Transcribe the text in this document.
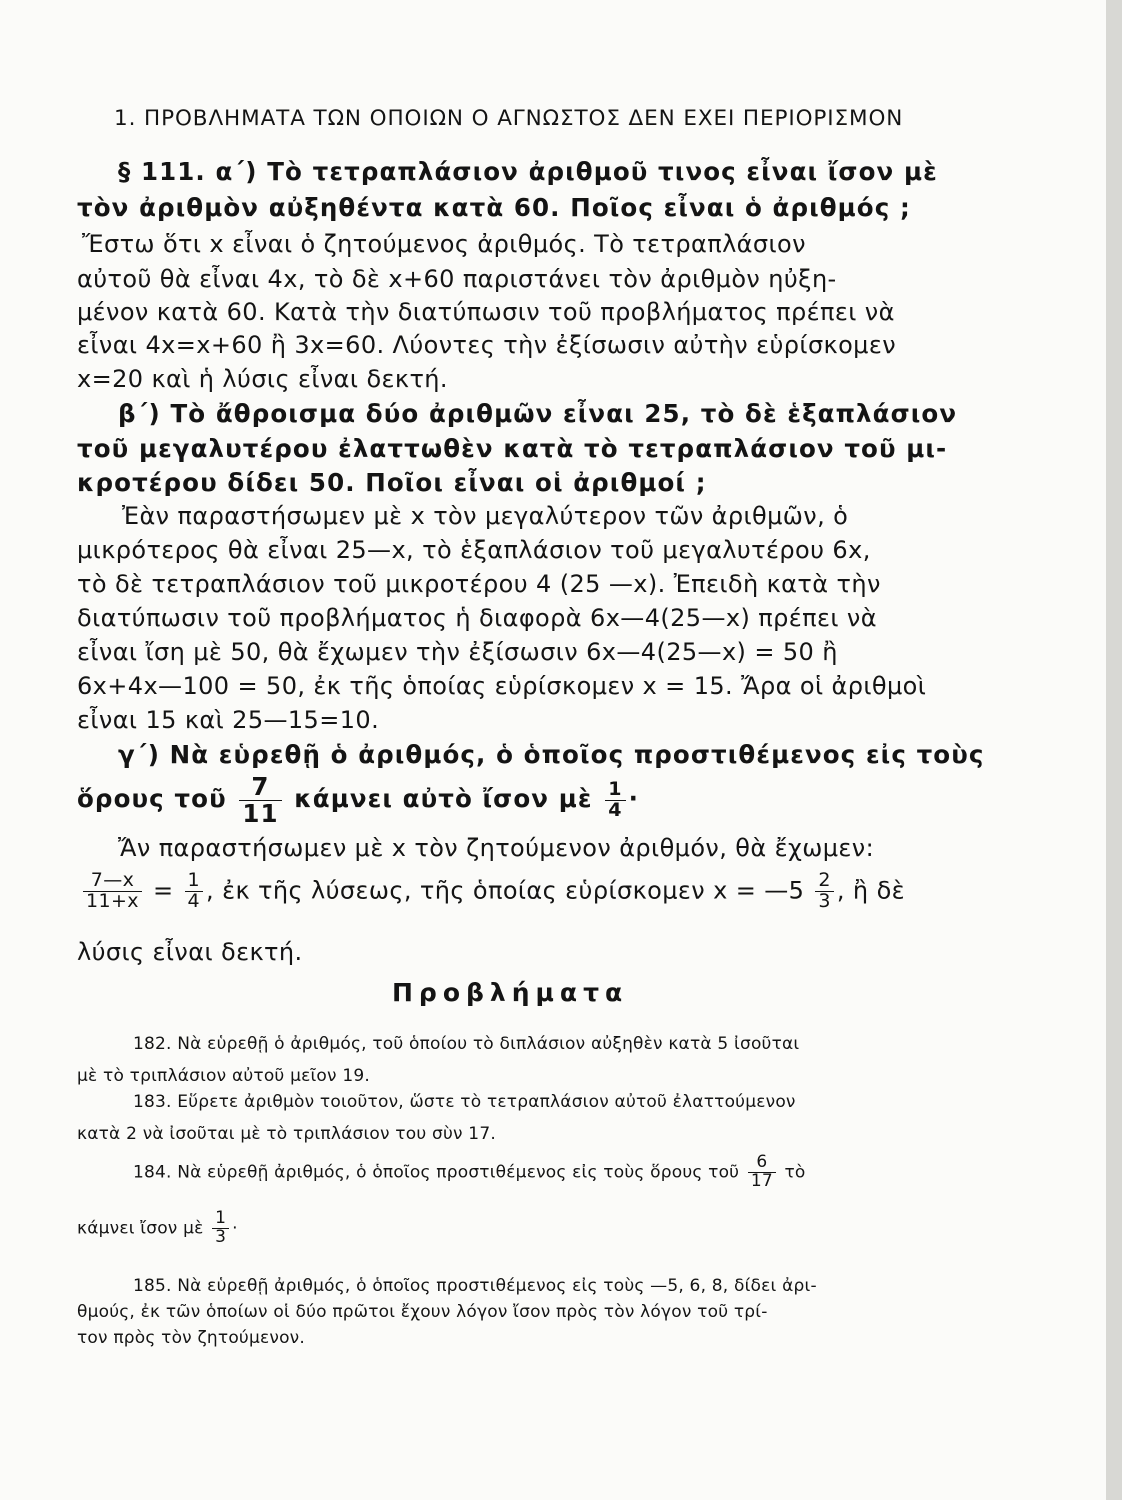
1. ΠΡΟΒΛΗΜΑΤΑ ΤΩΝ ΟΠΟΙΩΝ Ο ΑΓΝΩΣΤΟΣ ΔΕΝ ΕΧΕΙ ΠΕΡΙΟΡΙΣΜΟΝ
§ 111. α΄) Τὸ τετραπλάσιον ἀριθμοῦ τινος εἶναι ἴσον μὲ
τὸν ἀριθμὸν αὐξηθέντα κατὰ 60. Ποῖος εἶναι ὁ ἀριθμός ;
Ἔστω ὅτι x εἶναι ὁ ζητούμενος ἀριθμός. Τὸ τετραπλάσιον
αὐτοῦ θὰ εἶναι 4x, τὸ δὲ x+60 παριστάνει τὸν ἀριθμὸν ηὐξη-
μένον κατὰ 60. Κατὰ τὴν διατύπωσιν τοῦ προβλήματος πρέπει νὰ
εἶναι 4x=x+60 ἢ 3x=60. Λύοντες τὴν ἐξίσωσιν αὐτὴν εὑρίσκομεν
x=20 καὶ ἡ λύσις εἶναι δεκτή.
β΄) Τὸ ἄθροισμα δύο ἀριθμῶν εἶναι 25, τὸ δὲ ἑξαπλάσιον
τοῦ μεγαλυτέρου ἐλαττωθὲν κατὰ τὸ τετραπλάσιον τοῦ μι-
κροτέρου δίδει 50. Ποῖοι εἶναι οἱ ἀριθμοί ;
Ἐὰν παραστήσωμεν μὲ x τὸν μεγαλύτερον τῶν ἀριθμῶν, ὁ
μικρότερος θὰ εἶναι 25—x, τὸ ἑξαπλάσιον τοῦ μεγαλυτέρου 6x,
τὸ δὲ τετραπλάσιον τοῦ μικροτέρου 4 (25 —x). Ἐπειδὴ κατὰ τὴν
διατύπωσιν τοῦ προβλήματος ἡ διαφορὰ 6x—4(25—x) πρέπει νὰ
εἶναι ἴση μὲ 50, θὰ ἔχωμεν τὴν ἐξίσωσιν 6x—4(25—x) = 50 ἢ
6x+4x—100 = 50, ἐκ τῆς ὁποίας εὑρίσκομεν x = 15. Ἄρα οἱ ἀριθμοὶ
εἶναι 15 καὶ 25—15=10.
γ΄) Νὰ εὑρεθῇ ὁ ἀριθμός, ὁ ὁποῖος προστιθέμενος εἰς τοὺς
ὅρους τοῦ $\frac{7}{11}$ κάμνει αὐτὸ ἴσον μὲ $\frac{1}{4}$ ·
Ἄν παραστήσωμεν μὲ x τὸν ζητούμενον ἀριθμόν, θὰ ἔχωμεν:
$\frac{7—x}{11+x} = \frac{1}{4}$ , ἐκ τῆς λύσεως, τῆς ὁποίας εὑρίσκομεν x = —5 $\frac{2}{3}$ , ἢ δὲ
λύσις εἶναι δεκτή.
Προβλήματα
182. Νὰ εὑρεθῇ ὁ ἀριθμός, τοῦ ὁποίου τὸ διπλάσιον αὐξηθὲν κατὰ 5 ἰσοῦται
μὲ τὸ τριπλάσιον αὐτοῦ μεῖον 19.
183. Εὕρετε ἀριθμὸν τοιοῦτον, ὥστε τὸ τετραπλάσιον αὐτοῦ ἐλαττούμενον
κατὰ 2 νὰ ἰσοῦται μὲ τὸ τριπλάσιον του σὺν 17.
184. Νὰ εὑρεθῇ ἀριθμός, ὁ ὁποῖος προστιθέμενος εἰς τοὺς ὅρους τοῦ $\frac{6}{17}$ τὸ
κάμνει ἴσον μὲ $\frac{1}{3}$ ·
185. Νὰ εὑρεθῇ ἀριθμός, ὁ ὁποῖος προστιθέμενος εἰς τοὺς —5, 6, 8, δίδει ἀρι-
θμούς, ἐκ τῶν ὁποίων οἱ δύο πρῶτοι ἔχουν λόγον ἴσον πρὸς τὸν λόγον τοῦ τρί-
τον πρὸς τὸν ζητούμενον.
